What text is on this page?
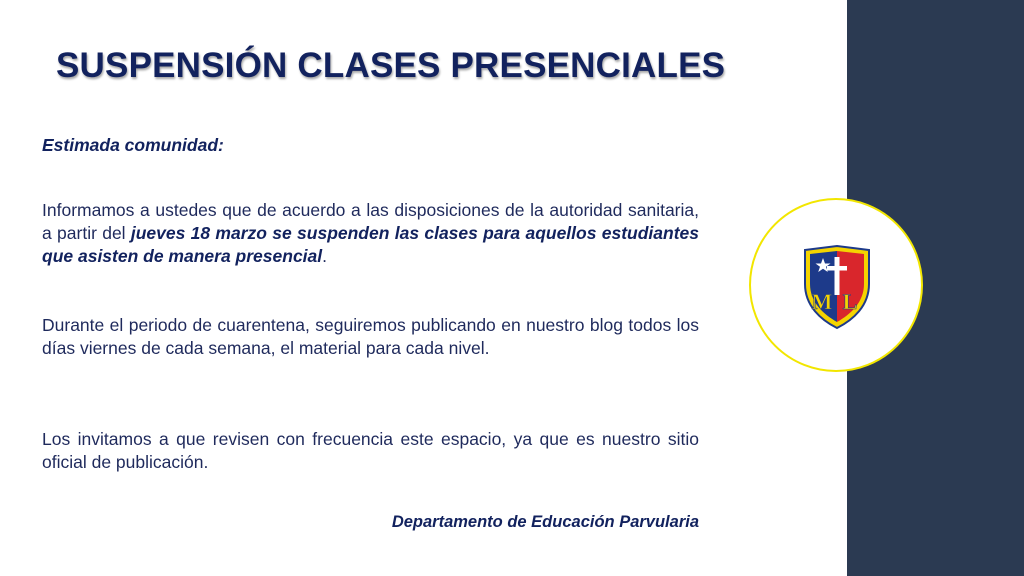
M L
SUSPENSIÓN CLASES PRESENCIALES

Estimada comunidad:

Informamos a ustedes que de acuerdo a las disposiciones de la autoridad sanitaria, a partir del jueves 18 marzo se suspenden las clases para aquellos estudiantes que asisten de manera presencial.

Durante el periodo de cuarentena, seguiremos publicando en nuestro blog todos los días viernes de cada semana, el material para cada nivel.

Los invitamos a que revisen con frecuencia este espacio, ya que es nuestro sitio oficial de publicación.

Departamento de Educación Parvularia
